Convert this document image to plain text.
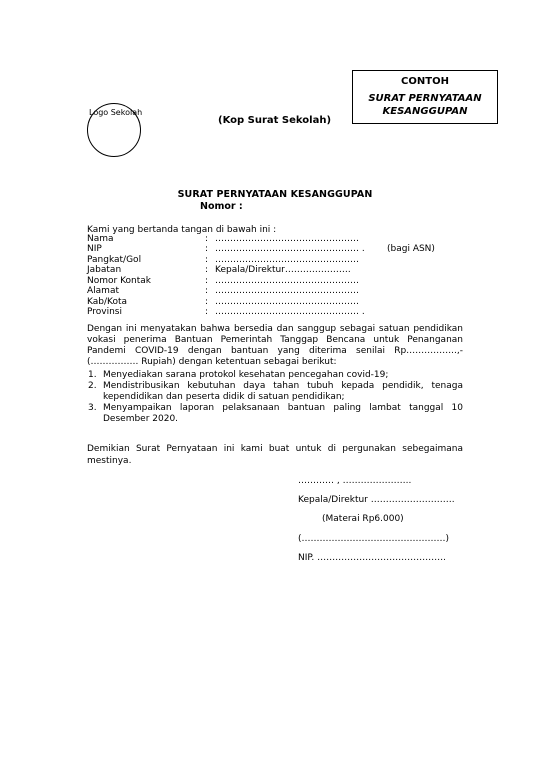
CONTOH
SURAT PERNYATAAN
KESANGGUPAN
Logo Sekolah
(Kop Surat Sekolah)
SURAT PERNYATAAN KESANGGUPAN
Nomor :
Kami yang bertanda tangan di bawah ini :
Nama	: …………………………………………
NIP	: ………………………………………… . (bagi ASN)
Pangkat/Gol	: …………………………………………
Jabatan	: Kepala/Direktur………………….
Nomor Kontak	: …………………………………………
Alamat	: …………………………………………
Kab/Kota	: …………………………………………
Provinsi	: ………………………………………… .
Dengan ini menyatakan bahwa bersedia dan sanggup sebagai satuan pendidikan vokasi penerima Bantuan Pemerintah Tanggap Bencana untuk Penanganan Pandemi COVID-19 dengan bantuan yang diterima senilai Rp……………..,- (……………. Rupiah) dengan ketentuan sebagai berikut:
1. Menyediakan sarana protokol kesehatan pencegahan covid-19;
2. Mendistribusikan kebutuhan daya tahan tubuh kepada pendidik, tenaga kependidikan dan peserta didik di satuan pendidikan;
3. Menyampaikan laporan pelaksanaan bantuan paling lambat tanggal 10 Desember 2020.
Demikian Surat Pernyataan ini kami buat untuk di pergunakan sebegaimana mestinya.
………… , …………………..
Kepala/Direktur ……………………….
(Materai Rp6.000)
(…………………………………………)
NIP. …………………………………….
